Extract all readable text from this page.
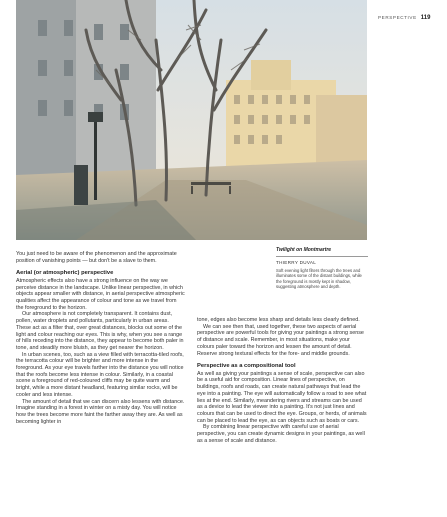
PERSPECTIVE 119
Twilight on Montmartre
THIERRY DUVAL
Soft evening light filters through the trees and illuminates some of the distant buildings, while the foreground is mostly kept in shadow, suggesting atmosphere and depth.

You just need to be aware of the phenomenon and the approximate position of vanishing points — but don't be a slave to them.

Aerial (or atmospheric) perspective

Atmospheric effects also have a strong influence on the way we perceive distance in the landscape. Unlike linear perspective, in which objects appear smaller with distance, in aerial perspective atmospheric qualities affect the appearance of colour and tone as we travel from the foreground to the horizon.

Our atmosphere is not completely transparent. It contains dust, pollen, water droplets and pollutants, particularly in urban areas. These act as a filter that, over great distances, blocks out some of the light and colour reaching our eyes. This is why, when you see a range of hills receding into the distance, they appear to become both paler in tone, and steadily more bluish, as they get nearer the horizon.

In urban scenes, too, such as a view filled with terracotta-tiled roofs, the terracotta colour will be brighter and more intense in the foreground. As your eye travels farther into the distance you will notice that the roofs become less intense in colour. Similarly, in a coastal scene a foreground of red-coloured cliffs may be quite warm and bright, while a more distant headland, featuring similar rocks, will be cooler and less intense.

The amount of detail that we can discern also lessens with distance. Imagine standing in a forest in winter on a misty day. You will notice how the trees become more faint the farther away they are. As well as becoming lighter in

tone, edges also become less sharp and details less clearly defined.

We can see then that, used together, these two aspects of aerial perspective are powerful tools for giving your paintings a strong sense of distance and scale. Remember, in most situations, make your colours paler toward the horizon and lessen the amount of detail. Reserve strong textural effects for the fore- and middle grounds.

Perspective as a compositional tool

As well as giving your paintings a sense of scale, perspective can also be a useful aid for composition. Linear lines of perspective, on buildings, roofs and roads, can create natural pathways that lead the eye into a painting. The eye will automatically follow a road to see what lies at the end. Similarly, meandering rivers and streams can be used as a device to lead the viewer into a painting. It's not just lines and colours that can be used to direct the eye. Groups, or herds, of animals can be placed to lead the eye, as can objects such as boats or cars.

By combining linear perspective with careful use of aerial perspective, you can create dynamic designs in your paintings, as well as a sense of scale and distance.
